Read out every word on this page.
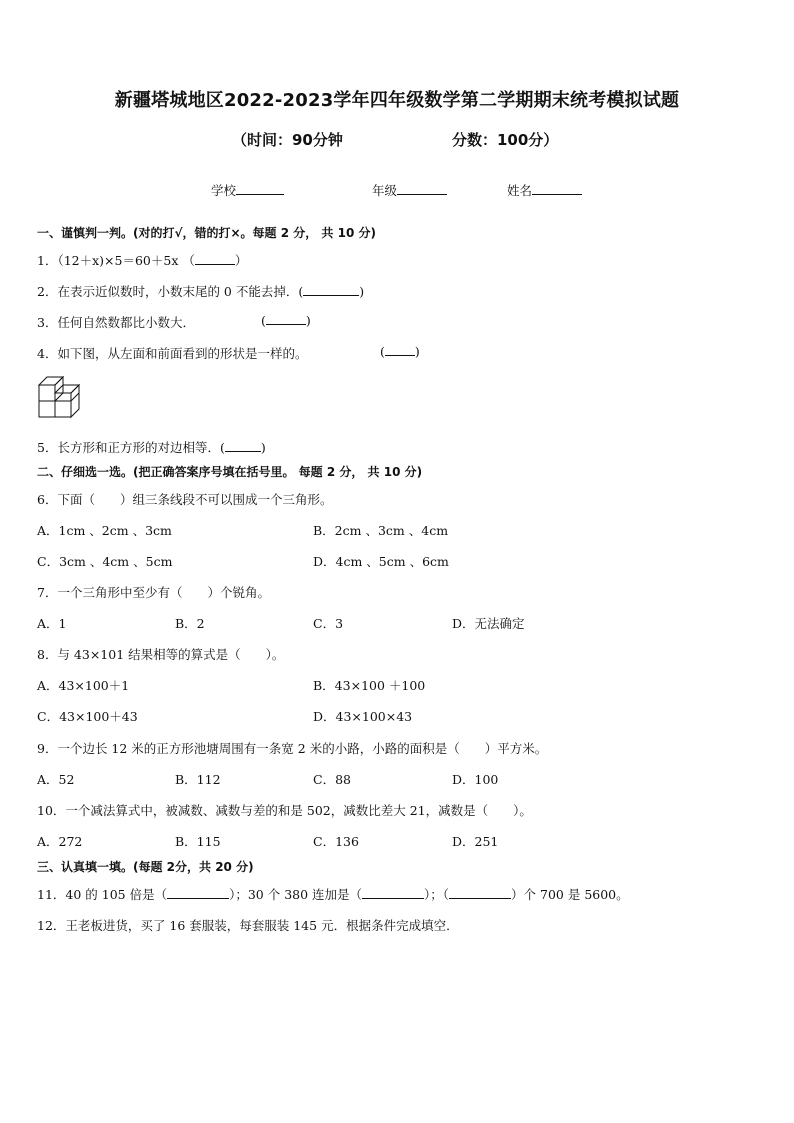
新疆塔城地区2022-2023学年四年级数学第二学期期末统考模拟试题
（时间：90分钟	分数：100分）
学校	年级	姓名
一、谨慎判一判。(对的打√，错的打×。每题 2 分， 共 10 分)
1．（12＋x)×5＝60＋5x （	）
2．在表示近似数时，小数末尾的 0 不能去掉．(	)
3．任何自然数都比小数大．	(	)
4．如下图，从左面和前面看到的形状是一样的。	( )
5．长方形和正方形的对边相等．(	)
二、仔细选一选。(把正确答案序号填在括号里。 每题 2 分， 共 10 分)
6．下面（　　）组三条线段不可以围成一个三角形。
A．1cm 、2cm 、3cm	B．2cm 、3cm 、4cm
C．3cm 、4cm 、5cm	D．4cm 、5cm 、6cm
7．一个三角形中至少有（　　）个锐角。
A．1	B．2	C．3	D．无法确定
8．与 43×101 结果相等的算式是（　　）。
A．43×100＋1	B．43×100 ＋100
C．43×100＋43	D．43×100×43
9．一个边长 12 米的正方形池塘周围有一条宽 2 米的小路，小路的面积是（　　）平方米。
A．52	B．112	C．88	D．100
10．一个减法算式中，被减数、减数与差的和是 502，减数比差大 21，减数是（　　）。
A．272	B．115	C．136	D．251
三、认真填一填。(每题 2分，共 20 分)
11．40 的 105 倍是（	）；30 个 380 连加是（	）；（	）个 700 是 5600。
12．王老板进货，买了 16 套服装，每套服装 145 元．根据条件完成填空．
